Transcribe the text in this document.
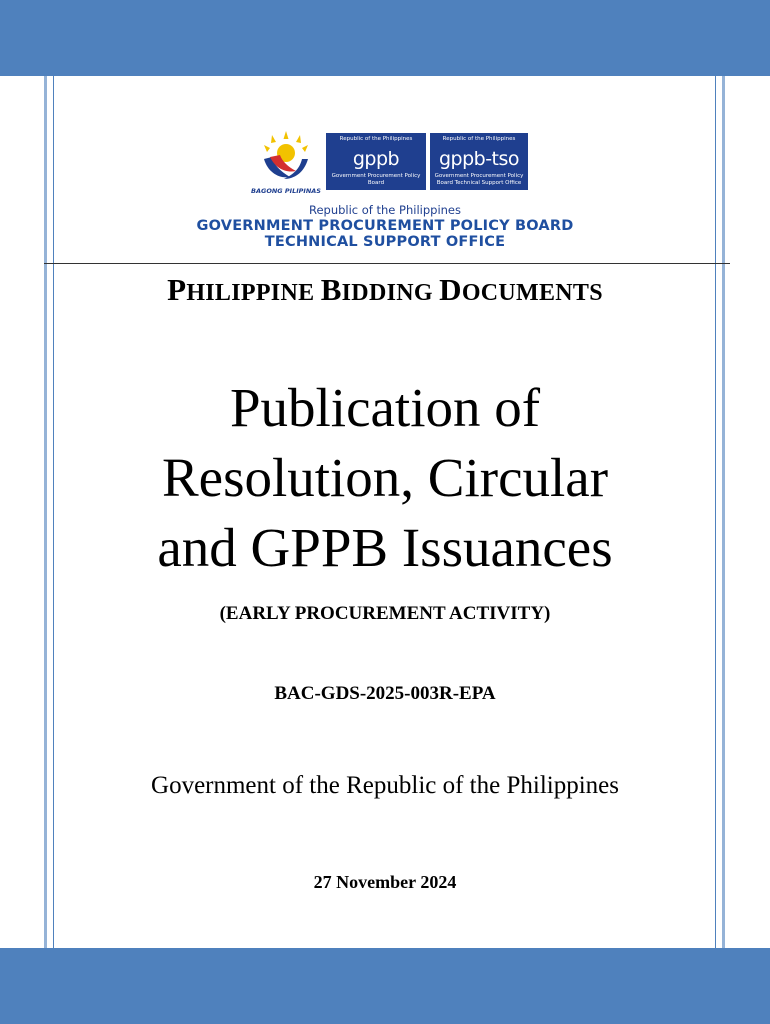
BAGONG PILIPINAS
Republic of the Philippines
gppb
Government Procurement Policy Board
Republic of the Philippines
gppb-tso
Government Procurement Policy Board Technical Support Office
Republic of the Philippines
GOVERNMENT PROCUREMENT POLICY BOARD
TECHNICAL SUPPORT OFFICE
PHILIPPINE BIDDING DOCUMENTS
Publication of
Resolution, Circular
and GPPB Issuances
(EARLY PROCUREMENT ACTIVITY)
BAC-GDS-2025-003R-EPA
Government of the Republic of the Philippines
27 November 2024
